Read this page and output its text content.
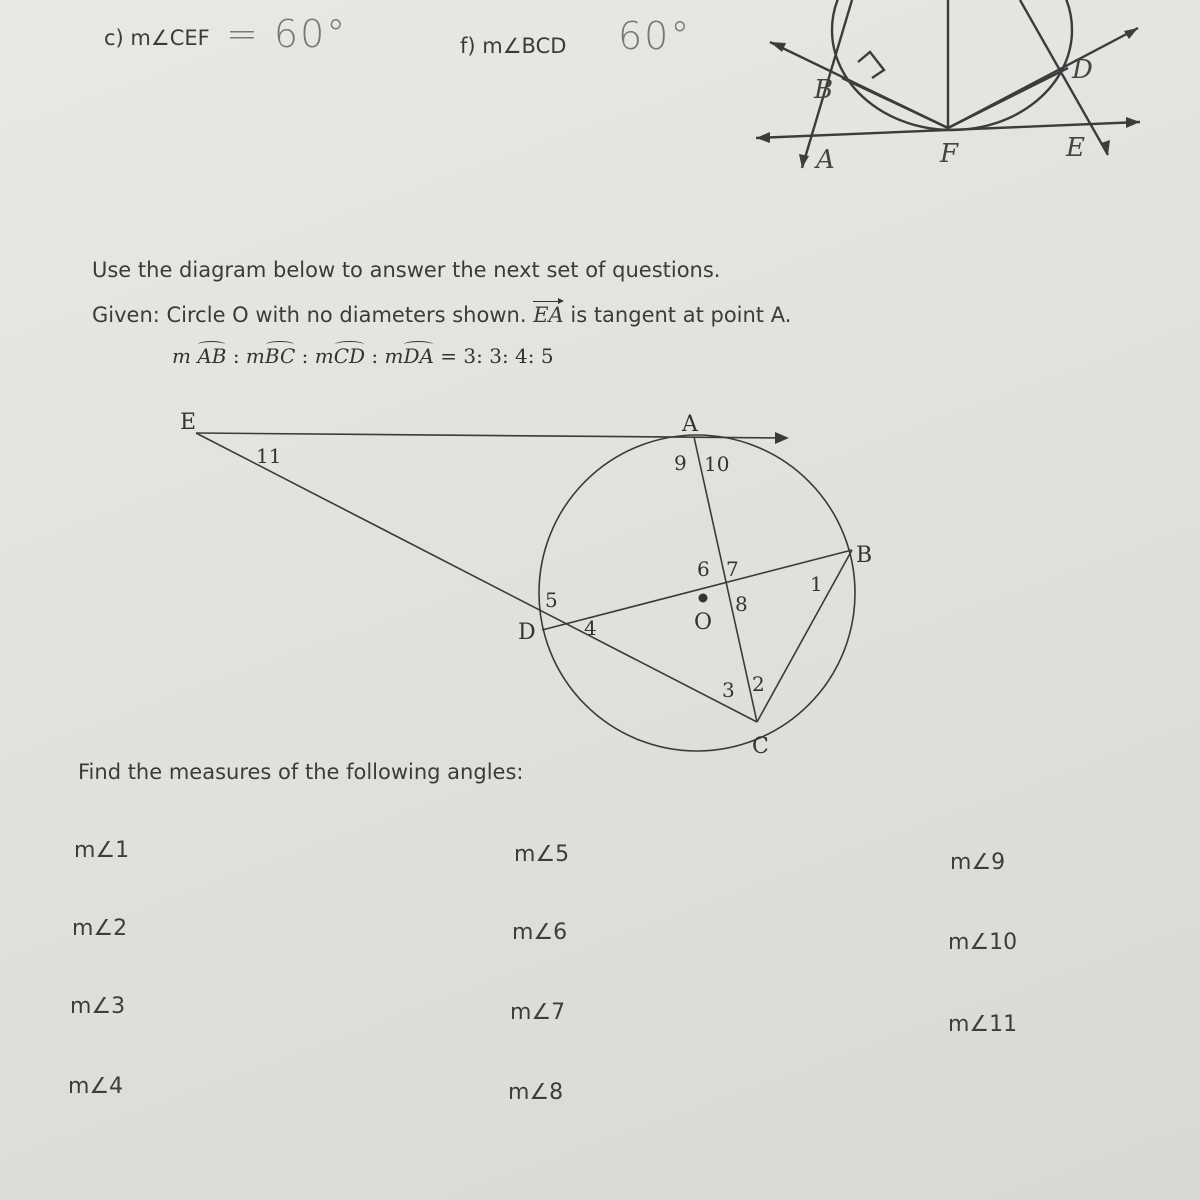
c) m∠CEF = 60°	f) m∠BCD 60°
B
D
A	F	E
Use the diagram below to answer the next set of questions.
Given: Circle O with no diameters shown. EA is tangent at point A.
m AB : mBC : mCD : mDA = 3: 3: 4: 5
E	A
B
C
D	O
1
2
3
4
5
6 7
8
9 10
11
Find the measures of the following angles:
m∠1
m∠2
m∠3
m∠4
m∠5
m∠6
m∠7
m∠8
m∠9
m∠10
m∠11
